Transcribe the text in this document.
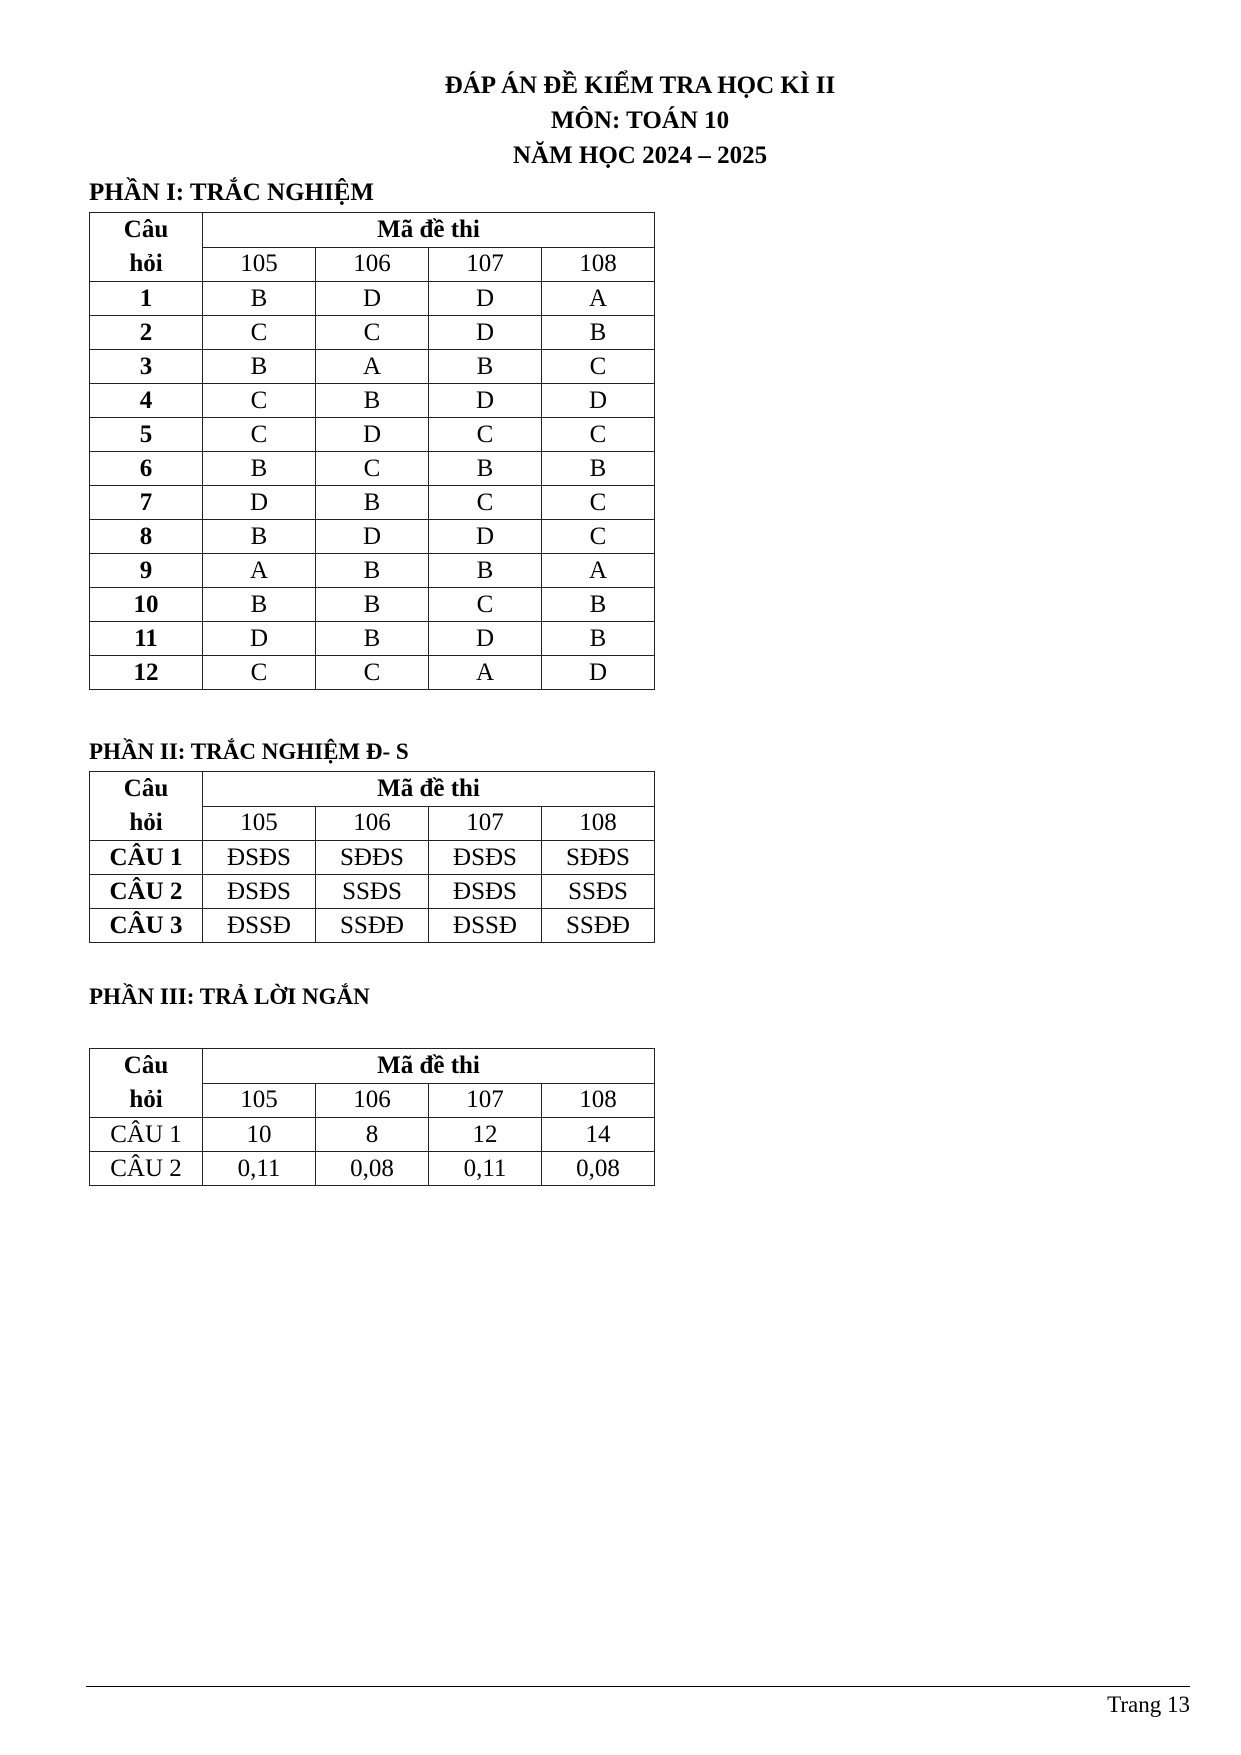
ĐÁP ÁN ĐỀ KIỂM TRA HỌC KÌ II
MÔN: TOÁN 10
NĂM HỌC 2024 – 2025
PHẦN I: TRẮC NGHIỆM
Câu
hỏi	Mã đề thi			
	105	106	107	108
1	B	D	D	A
2	C	C	D	B
3	B	A	B	C
4	C	B	D	D
5	C	D	C	C
6	B	C	B	B
7	D	B	C	C
8	B	D	D	C
9	A	B	B	A
10	B	B	C	B
11	D	B	D	B
12	C	C	A	D
PHẦN II: TRẮC NGHIỆM Đ- S
Câu
hỏi	Mã đề thi			
	105	106	107	108
CÂU 1	ĐSĐS	SĐĐS	ĐSĐS	SĐĐS
CÂU 2	ĐSĐS	SSĐS	ĐSĐS	SSĐS
CÂU 3	ĐSSĐ	SSĐĐ	ĐSSĐ	SSĐĐ
PHẦN III: TRẢ LỜI NGẮN
Câu
hỏi	Mã đề thi			
	105	106	107	108
CÂU 1	10	8	12	14
CÂU 2	0,11	0,08	0,11	0,08
Trang 13
